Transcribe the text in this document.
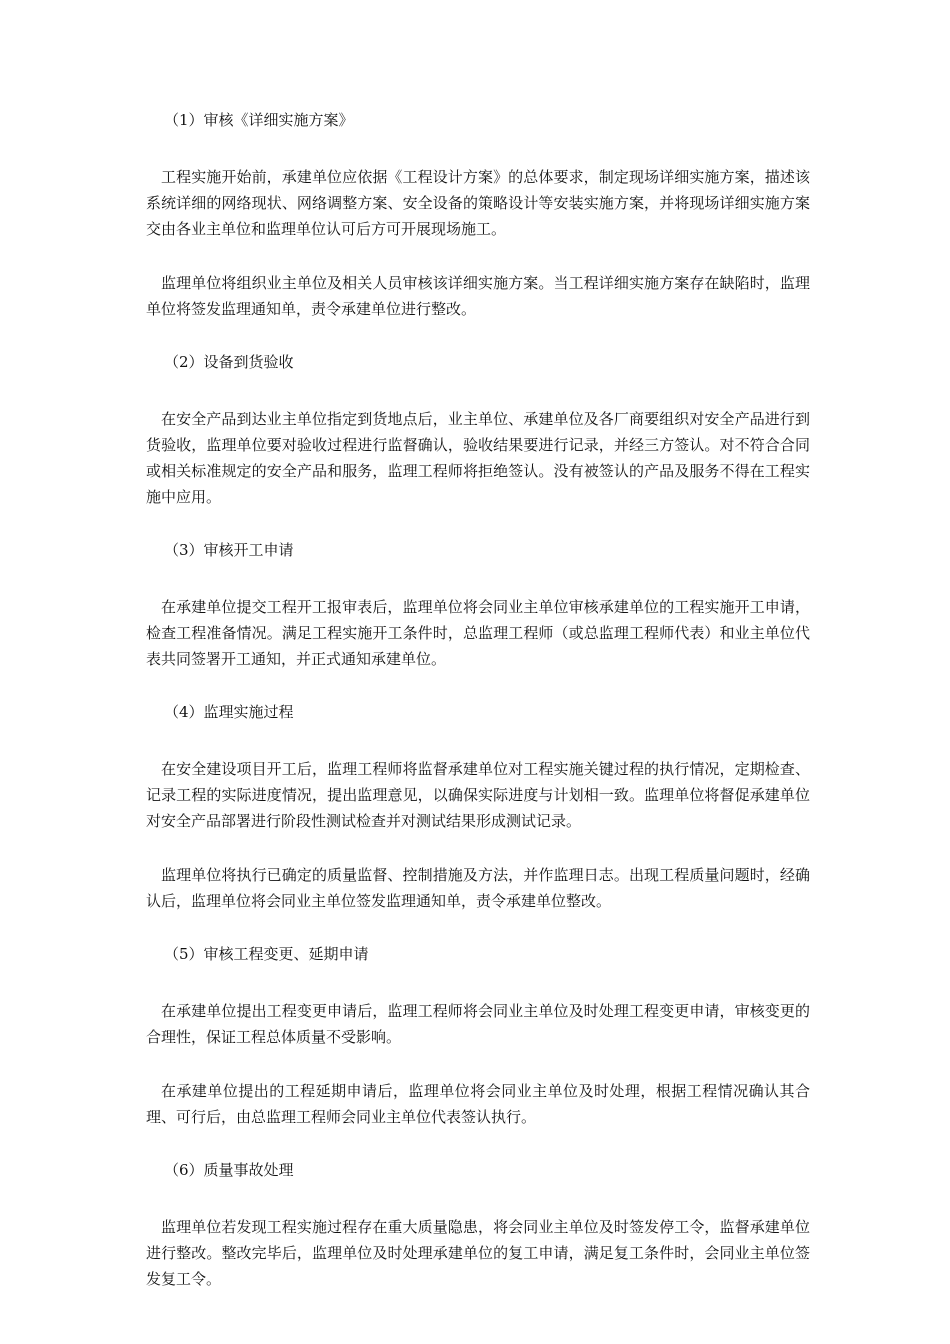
（1）审核《详细实施方案》

工程实施开始前，承建单位应依据《工程设计方案》的总体要求，制定现场详细实施方案，描述该系统详细的网络现状、网络调整方案、安全设备的策略设计等安装实施方案，并将现场详细实施方案交由各业主单位和监理单位认可后方可开展现场施工。

监理单位将组织业主单位及相关人员审核该详细实施方案。当工程详细实施方案存在缺陷时，监理单位将签发监理通知单，责令承建单位进行整改。

（2）设备到货验收

在安全产品到达业主单位指定到货地点后，业主单位、承建单位及各厂商要组织对安全产品进行到货验收，监理单位要对验收过程进行监督确认，验收结果要进行记录，并经三方签认。对不符合合同或相关标准规定的安全产品和服务，监理工程师将拒绝签认。没有被签认的产品及服务不得在工程实施中应用。

（3）审核开工申请

在承建单位提交工程开工报审表后，监理单位将会同业主单位审核承建单位的工程实施开工申请，检查工程准备情况。满足工程实施开工条件时，总监理工程师（或总监理工程师代表）和业主单位代表共同签署开工通知，并正式通知承建单位。

（4）监理实施过程

在安全建设项目开工后，监理工程师将监督承建单位对工程实施关键过程的执行情况，定期检查、记录工程的实际进度情况，提出监理意见，以确保实际进度与计划相一致。监理单位将督促承建单位对安全产品部署进行阶段性测试检查并对测试结果形成测试记录。

监理单位将执行已确定的质量监督、控制措施及方法，并作监理日志。出现工程质量问题时，经确认后，监理单位将会同业主单位签发监理通知单，责令承建单位整改。

（5）审核工程变更、延期申请

在承建单位提出工程变更申请后，监理工程师将会同业主单位及时处理工程变更申请，审核变更的合理性，保证工程总体质量不受影响。

在承建单位提出的工程延期申请后，监理单位将会同业主单位及时处理，根据工程情况确认其合理、可行后，由总监理工程师会同业主单位代表签认执行。

（6）质量事故处理

监理单位若发现工程实施过程存在重大质量隐患，将会同业主单位及时签发停工令，监督承建单位进行整改。整改完毕后，监理单位及时处理承建单位的复工申请，满足复工条件时，会同业主单位签发复工令。
